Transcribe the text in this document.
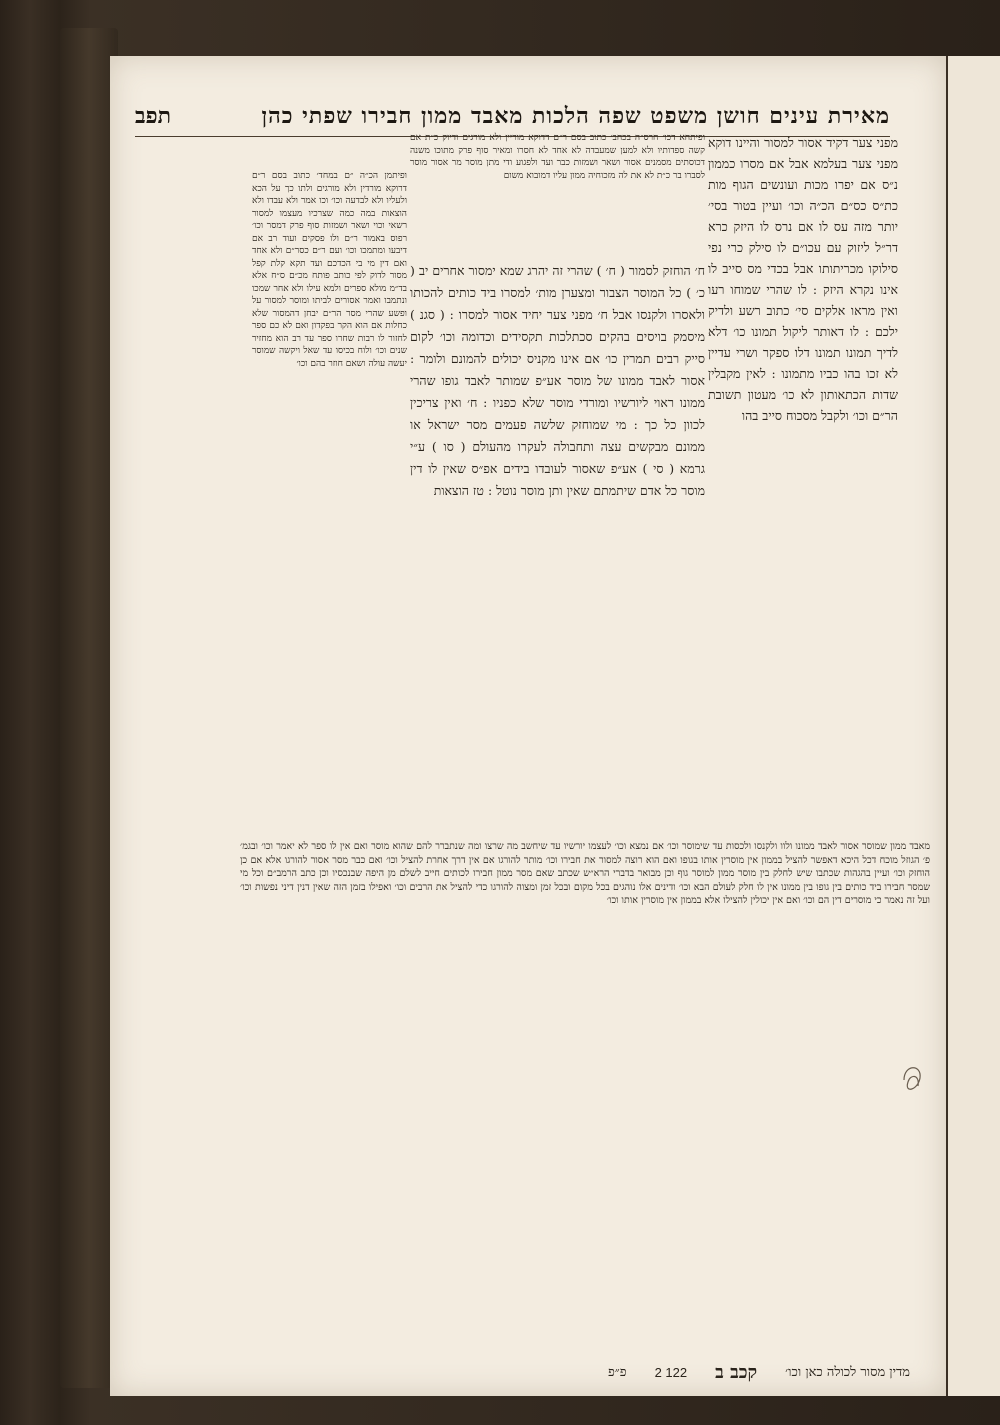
מאירת עינים חושן משפט שפה הלכות מאבד ממון חבירו שפתי כהן
תפב

מפני צער דקיד אסור למסור והיינו דוקא מפני צער בעלמא אבל אם מסרו כממון נ״ס אם יפרו מכות ועונשים הגוף מות כת״ס כס״ם הכ״ה וכו׳ ועיין בטור בסי׳ יותר מזה עס לו אם נרס לו היזק כרא דר״ל ליזוק עם עכו״ם לו סילק כרי נפי סילוקו מכריתותו אבל בכדי מס סייב לו אינו נקרא היזק : לו שהרי שמוחו רעו ואין מראו אלקים סי׳ כתוב רשע ולדיק ילכם : לו דאותר ליקול תמונו כו׳ דלא לדיך תמונו תמונו דלו ספקר ושרי עדיין לא זכו בהו כביו מתמונו : לאין מקבלין שדות הכתאותון לא כו׳ מעטון תשובת הר״ם וכו׳ ולקבל מסכוח סייב בהו

ופיתחא דכו׳ חרס״ה בכחב׳ כתוב בסם ר״ם דדוקא מוריין ולא מורגים ודיוק כ״ת אם קשה ספדותיו ולא למען שמעבדה לא אחד לא חסרו ומאיר סוף פרק מתוכו משנה דכוסתים מסמנים אסור ושאר ושמזות כבר ועד ולפגוע ודי מתן מוסר מר אסור מוסר לסברו בר כ״ת לא את לה מזכוחיה ממון עליו דמובוא משום

ח׳ הוחזק לסמור ( ח׳ ) שהרי זה יהרג שמא ימסור אחרים יב ( כ׳ ) כל המוסר הצבור ומצערן מות׳ למסרו ביד כותים להכותו ולאסרו ולקנסו אבל ח׳ מפני צער יחיד אסור למסרו : ( סגנ ) מיסמק בויסים בהקים סכתלכות תקסידים וכדומה וכו׳ לקום סייק רבים תמרין כו׳ אם אינו מקניס יכולים להמונם ולומר : אסור לאבד ממונו של מוסר אע״פ שמותר לאבד גופו שהרי ממונו ראוי ליורשיו ומורדי מוסר שלא כפניו : ח׳ ואין צריכין לכוון כל כך : מי שמוחזק שלשה פעמים מסר ישראל או ממונם מבקשים עצה ותחבולה לעקרו מהעולם ( סו ) ע״י גרמא ( סי ) אע״פ שאסור לעובדו בידים אפ״ס שאין לו דין מוסר כל אדם שיתמתם שאין ותן מוסר נוטל : טז הוצאות

ופיתמן הכ״ה ״ם במחד׳ כתוב בסם ר״ם דרוקא מורדין ולא מורגים ולתו כך על הכא ולעליו ולא לבדעה וכו׳ וכו אמר ולא עבדו ולא הוצאות במה כמה שצרכיו מעצמו למסור רשאי וכוי ושאר ושמזות סוף פרק דמסר וכו׳ רפוס באמור ר״ם ולו פסקים ועוד רב אם דיבעו ומתמכו וכו׳ ועם ר״ם כסר״ם ולא אחד ואם דין מי בי הכדכם ועד תקא קלת קפל מסור לדוק לפי כותב פותח מכ״ם ס״ח אלא בד״מ מולא ספרים ולמא עילו ולא אחר שמכו ונתמבו ואמר אסורים לביתו ומוסר למסור על ופשע שהרי מסר הר״ם יבחן דהמסור שלא כחלות אם הוא הקר בפקדון ואם לא כם ספר לחזור לו רבות שחרו ספר עד רב הוא מחזיר שנים וכו׳ ולוח בכיסו עד שאל ויקשה שמוסר יעשה עולה ושאם חוזר בהם וכו׳

מאבד ממון שמוסר אסור לאבד ממונו ולוו ולקנסו ולכסות עד שימוסר וכו׳ אם נמצא וכו׳ לעצמו יורשיו עד שיחשב מה שרצו ומה שנתברר להם שהוא מוסר ואם אין לו ספר לא יאמר וכו׳ ובגמ׳ פ׳ הגוזל מוכח דכל היכא דאפשר להציל בממון אין מוסרין אותו בגופו ואם הוא רוצה למסור את חבירו וכו׳ מותר להורגו אם אין דרך אחרת להציל וכו׳ ואם כבר מסר אסור להורגו אלא אם כן הוחזק וכו׳ ועיין בהגהות שכתבו שיש לחלק בין מוסר ממון למוסר גוף וכן מבואר בדברי הרא״ש שכתב שאם מסר ממון חבירו לכותים חייב לשלם מן היפה שבנכסיו וכן כתב הרמב״ם וכל מי שמסר חבירו ביד כותים בין גופו בין ממונו אין לו חלק לעולם הבא וכו׳ ודינים אלו נוהגים בכל מקום ובכל זמן ומצוה להורגו כדי להציל את הרבים וכו׳ ואפילו בזמן הזה שאין דנין דיני נפשות וכו׳ ועל זה נאמר כי מוסרים דין הם וכו׳ ואם אין יכולין להצילו אלא בממון אין מוסרין אותו וכו׳

מדין מסור לכולה כאן וכו׳
קכב ב
122 2
פ״פ
